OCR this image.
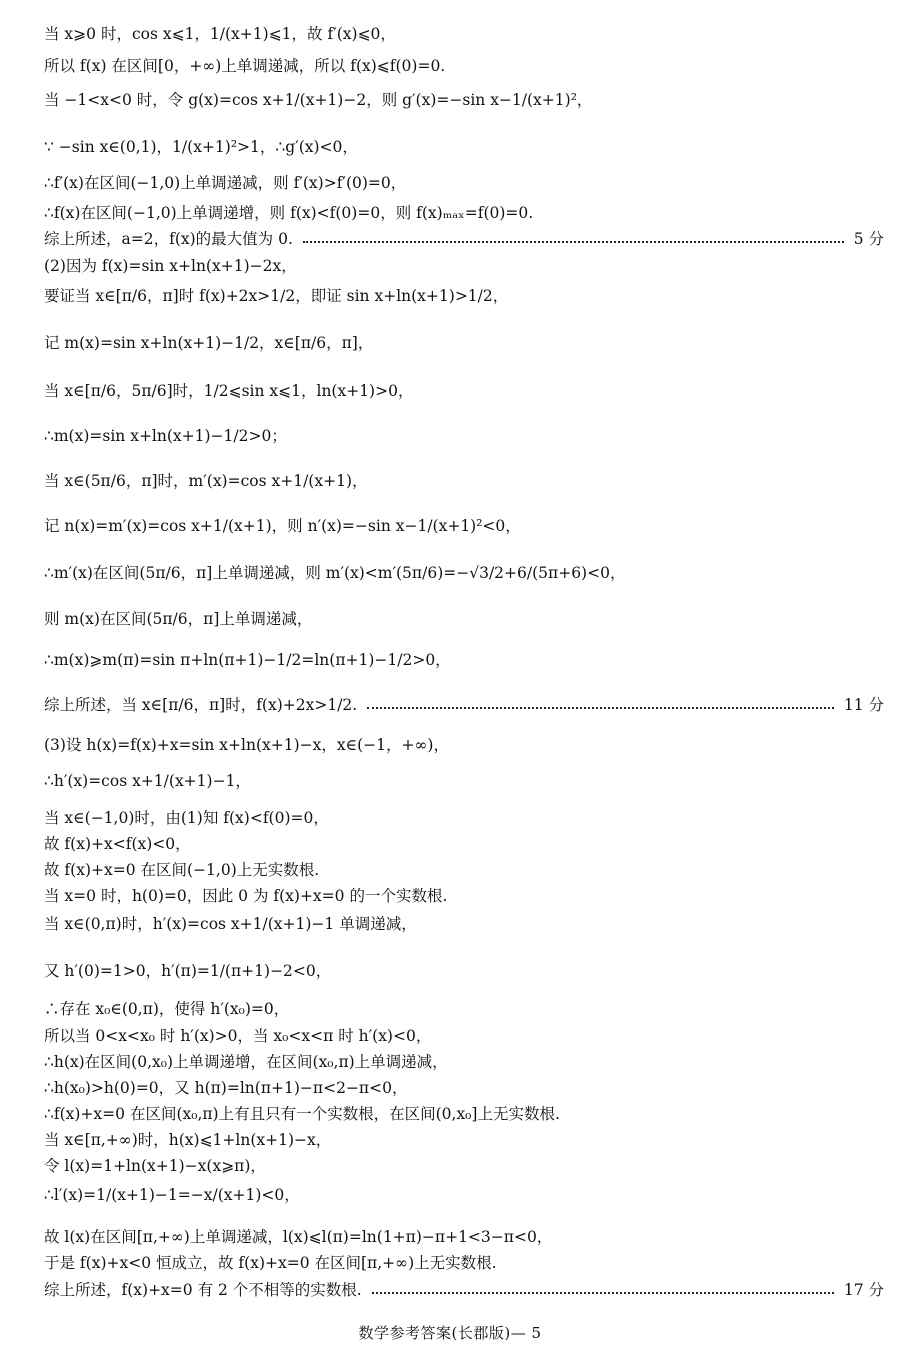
当 x⩾0 时，cos x⩽1，1/(x+1)⩽1，故 f′(x)⩽0，
所以 f(x) 在区间[0，+∞)上单调递减，所以 f(x)⩽f(0)=0.
当 −1<x<0 时，令 g(x)=cos x+1/(x+1)−2，则 g′(x)=−sin x−1/(x+1)²，
∵ −sin x∈(0,1)，1/(x+1)²>1，∴g′(x)<0，
∴f′(x)在区间(−1,0)上单调递减，则 f′(x)>f′(0)=0，
∴f(x)在区间(−1,0)上单调递增，则 f(x)<f(0)=0，则 f(x)ₘₐₓ=f(0)=0.
综上所述，a=2，f(x)的最大值为 0.	5 分
(2)因为 f(x)=sin x+ln(x+1)−2x，
要证当 x∈[π/6，π]时 f(x)+2x>1/2，即证 sin x+ln(x+1)>1/2，
记 m(x)=sin x+ln(x+1)−1/2，x∈[π/6，π]，
当 x∈[π/6，5π/6]时，1/2⩽sin x⩽1，ln(x+1)>0，
∴m(x)=sin x+ln(x+1)−1/2>0；
当 x∈(5π/6，π]时，m′(x)=cos x+1/(x+1)，
记 n(x)=m′(x)=cos x+1/(x+1)，则 n′(x)=−sin x−1/(x+1)²<0，
∴m′(x)在区间(5π/6，π]上单调递减，则 m′(x)<m′(5π/6)=−√3/2+6/(5π+6)<0，
则 m(x)在区间(5π/6，π]上单调递减，
∴m(x)⩾m(π)=sin π+ln(π+1)−1/2=ln(π+1)−1/2>0，
综上所述，当 x∈[π/6，π]时，f(x)+2x>1/2.	11 分
(3)设 h(x)=f(x)+x=sin x+ln(x+1)−x，x∈(−1，+∞)，
∴h′(x)=cos x+1/(x+1)−1，
当 x∈(−1,0)时，由(1)知 f(x)<f(0)=0，
故 f(x)+x<f(x)<0，
故 f(x)+x=0 在区间(−1,0)上无实数根.
当 x=0 时，h(0)=0，因此 0 为 f(x)+x=0 的一个实数根.
当 x∈(0,π)时，h′(x)=cos x+1/(x+1)−1 单调递减，
又 h′(0)=1>0，h′(π)=1/(π+1)−2<0，
∴存在 x₀∈(0,π)，使得 h′(x₀)=0，
所以当 0<x<x₀ 时 h′(x)>0，当 x₀<x<π 时 h′(x)<0，
∴h(x)在区间(0,x₀)上单调递增，在区间(x₀,π)上单调递减，
∴h(x₀)>h(0)=0，又 h(π)=ln(π+1)−π<2−π<0，
∴f(x)+x=0 在区间(x₀,π)上有且只有一个实数根，在区间(0,x₀]上无实数根.
当 x∈[π,+∞)时，h(x)⩽1+ln(x+1)−x，
令 l(x)=1+ln(x+1)−x(x⩾π)，
∴l′(x)=1/(x+1)−1=−x/(x+1)<0，
故 l(x)在区间[π,+∞)上单调递减，l(x)⩽l(π)=ln(1+π)−π+1<3−π<0，
于是 f(x)+x<0 恒成立，故 f(x)+x=0 在区间[π,+∞)上无实数根.
综上所述，f(x)+x=0 有 2 个不相等的实数根.	17 分
数学参考答案(长郡版)— 5
